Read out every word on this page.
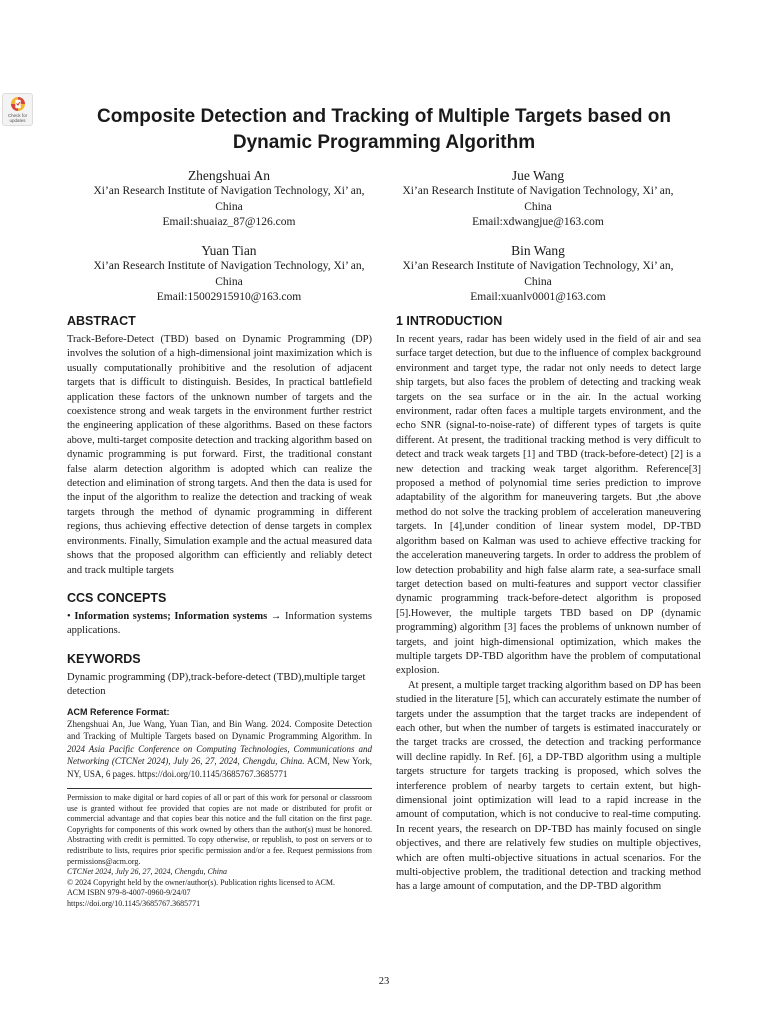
Check for updates	Composite Detection and Tracking of Multiple Targets based on Dynamic Programming Algorithm
Zhengshuai An
Xi’an Research Institute of Navigation Technology, Xi’ an, China
Email:shuaiaz_87@126.com
Jue Wang
Xi’an Research Institute of Navigation Technology, Xi’ an, China
Email:xdwangjue@163.com
Yuan Tian
Xi’an Research Institute of Navigation Technology, Xi’ an, China
Email:15002915910@163.com
Bin Wang
Xi’an Research Institute of Navigation Technology, Xi’ an, China
Email:xuanlv0001@163.com
ABSTRACT

Track-Before-Detect (TBD) based on Dynamic Programming (DP) involves the solution of a high-dimensional joint maximization which is usually computationally prohibitive and the resolution of adjacent targets that is difficult to distinguish. Besides, In practical battlefield application these factors of the unknown number of targets and the coexistence strong and weak targets in the environment further restrict the engineering application of these algorithms. Based on these factors above, multi-target composite detection and tracking algorithm based on dynamic programming is put forward. First, the traditional constant false alarm detection algorithm is adopted which can realize the detection and elimination of strong targets. And then the data is used for the input of the algorithm to realize the detection and tracking of weak targets through the method of dynamic programming in different regions, thus achieving effective detection of dense targets in complex environments. Finally, Simulation example and the actual measured data shows that the proposed algorithm can efficiently and reliably detect and track multiple targets

CCS CONCEPTS

• Information systems; Information systems → Information systems applications.

KEYWORDS

Dynamic programming (DP),track-before-detect (TBD),multiple target detection

ACM Reference Format:

Zhengshuai An, Jue Wang, Yuan Tian, and Bin Wang. 2024. Composite Detection and Tracking of Multiple Targets based on Dynamic Programming Algorithm. In 2024 Asia Pacific Conference on Computing Technologies, Communications and Networking (CTCNet 2024), July 26, 27, 2024, Chengdu, China. ACM, New York, NY, USA, 6 pages. https://doi.org/10.1145/3685767.3685771

Permission to make digital or hard copies of all or part of this work for personal or classroom use is granted without fee provided that copies are not made or distributed for profit or commercial advantage and that copies bear this notice and the full citation on the first page. Copyrights for components of this work owned by others than the author(s) must be honored. Abstracting with credit is permitted. To copy otherwise, or republish, to post on servers or to redistribute to lists, requires prior specific permission and/or a fee. Request permissions from permissions@acm.org.

CTCNet 2024, July 26, 27, 2024, Chengdu, China

© 2024 Copyright held by the owner/author(s). Publication rights licensed to ACM.

ACM ISBN 979-8-4007-0960-9/24/07

https://doi.org/10.1145/3685767.3685771

1 INTRODUCTION

In recent years, radar has been widely used in the field of air and sea surface target detection, but due to the influence of complex background environment and target type, the radar not only needs to detect large ship targets, but also faces the problem of detecting and tracking weak targets on the sea surface or in the air. In the actual working environment, radar often faces a multiple targets environment, and the echo SNR (signal-to-noise-rate) of different types of targets is quite different. At present, the traditional tracking method is very difficult to detect and track weak targets [1] and TBD (track-before-detect) [2] is a new detection and tracking weak target algorithm. Reference[3] proposed a method of polynomial time series prediction to improve adaptability of the algorithm for maneuvering targets. But ,the above method do not solve the tracking problem of acceleration maneuvering targets. In [4],under condition of linear system model, DP-TBD algorithm based on Kalman was used to achieve effective tracking for the acceleration maneuvering targets. In order to address the problem of low detection probability and high false alarm rate, a sea-surface small target detection based on multi-features and support vector classifier dynamic programming track-before-detect algorithm is proposed [5].However, the multiple targets TBD based on DP (dynamic programming) algorithm [3] faces the problems of unknown number of targets, and joint high-dimensional optimization, which makes the multiple targets DP-TBD algorithm have the problem of computational explosion.

At present, a multiple target tracking algorithm based on DP has been studied in the literature [5], which can accurately estimate the number of targets under the assumption that the target tracks are independent of each other, but when the number of targets is estimated inaccurately or the target tracks are crossed, the detection and tracking performance will decline rapidly. In Ref. [6], a DP-TBD algorithm using a multiple targets structure for targets tracking is proposed, which solves the interference problem of nearby targets to certain extent, but high-dimensional joint optimization will lead to a rapid increase in the amount of computation, which is not conducive to real-time computing. In recent years, the research on DP-TBD has mainly focused on single objectives, and there are relatively few studies on multiple objectives, which are often multi-objective situations in actual scenarios. For the multi-objective problem, the traditional detection and tracking method has a large amount of computation, and the DP-TBD algorithm

23
